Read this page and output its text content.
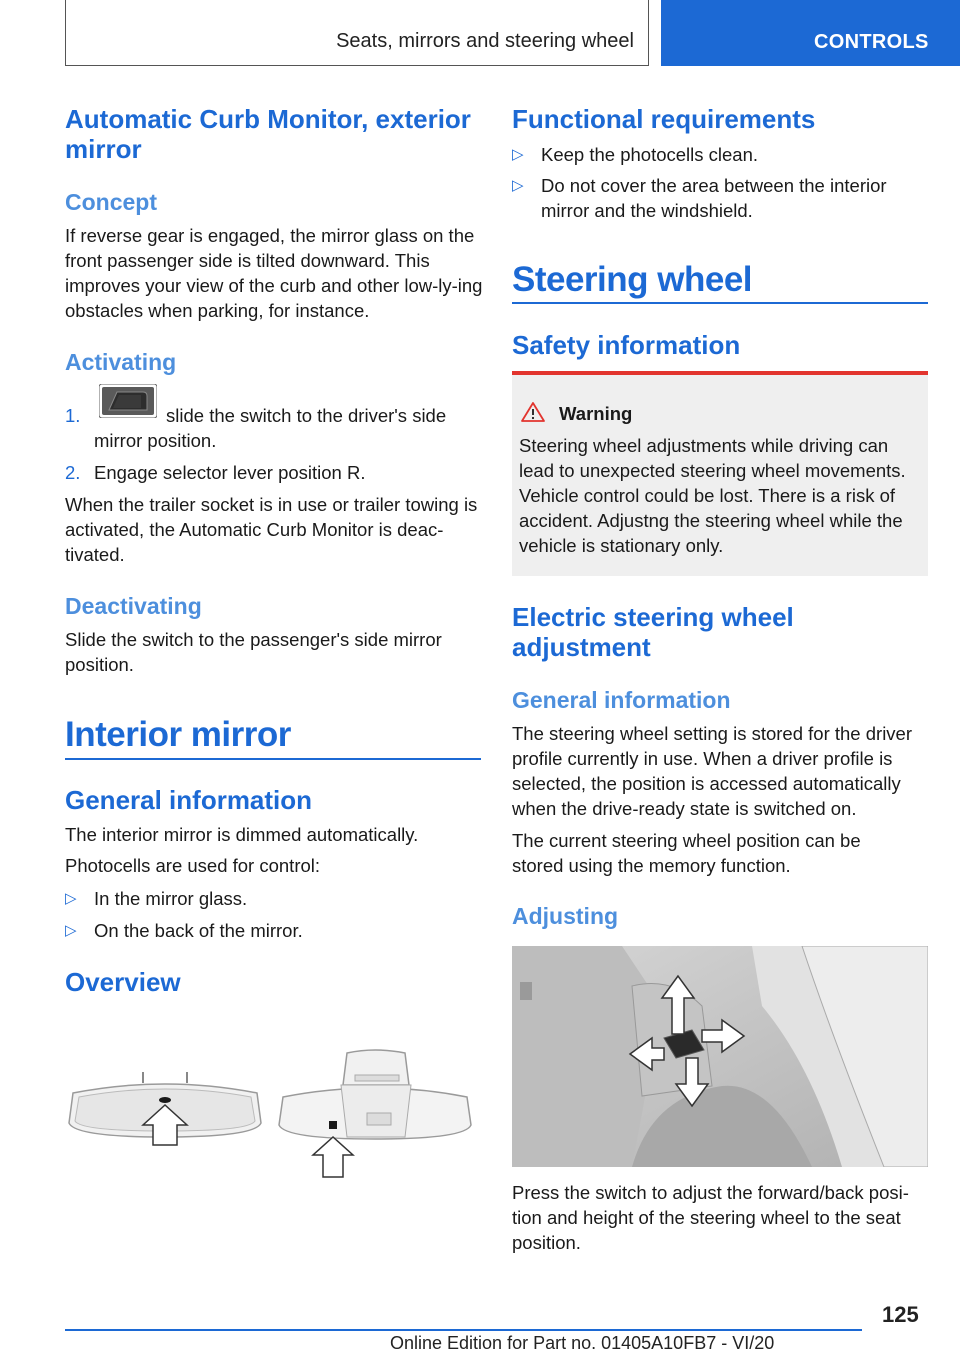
Seats, mirrors and steering wheel	CONTROLS
Automatic Curb Monitor, exterior mirror
Concept
If reverse gear is engaged, the mirror glass on the front passenger side is tilted downward. This improves your view of the curb and other low-ly-ing obstacles when parking, for instance.
Activating
1.	slide the switch to the driver's side mirror position.
2. Engage selector lever position R.
When the trailer socket is in use or trailer towing is activated, the Automatic Curb Monitor is deac-tivated.
Deactivating
Slide the switch to the passenger's side mirror position.
Interior mirror
General information
The interior mirror is dimmed automatically.
Photocells are used for control:
▷ In the mirror glass.
▷ On the back of the mirror.
Overview
Functional requirements
▷ Keep the photocells clean.
▷ Do not cover the area between the interior mirror and the windshield.
Steering wheel
Safety information
Warning
Steering wheel adjustments while driving can lead to unexpected steering wheel movements. Vehicle control could be lost. There is a risk of accident. Adjustng the steering wheel while the vehicle is stationary only.
Electric steering wheel adjustment
General information
The steering wheel setting is stored for the driver profile currently in use. When a driver profile is selected, the position is accessed automatically when the drive-ready state is switched on.
The current steering wheel position can be stored using the memory function.
Adjusting
Press the switch to adjust the forward/back posi-tion and height of the steering wheel to the seat position.
125
Online Edition for Part no. 01405A10FB7 - VI/20
